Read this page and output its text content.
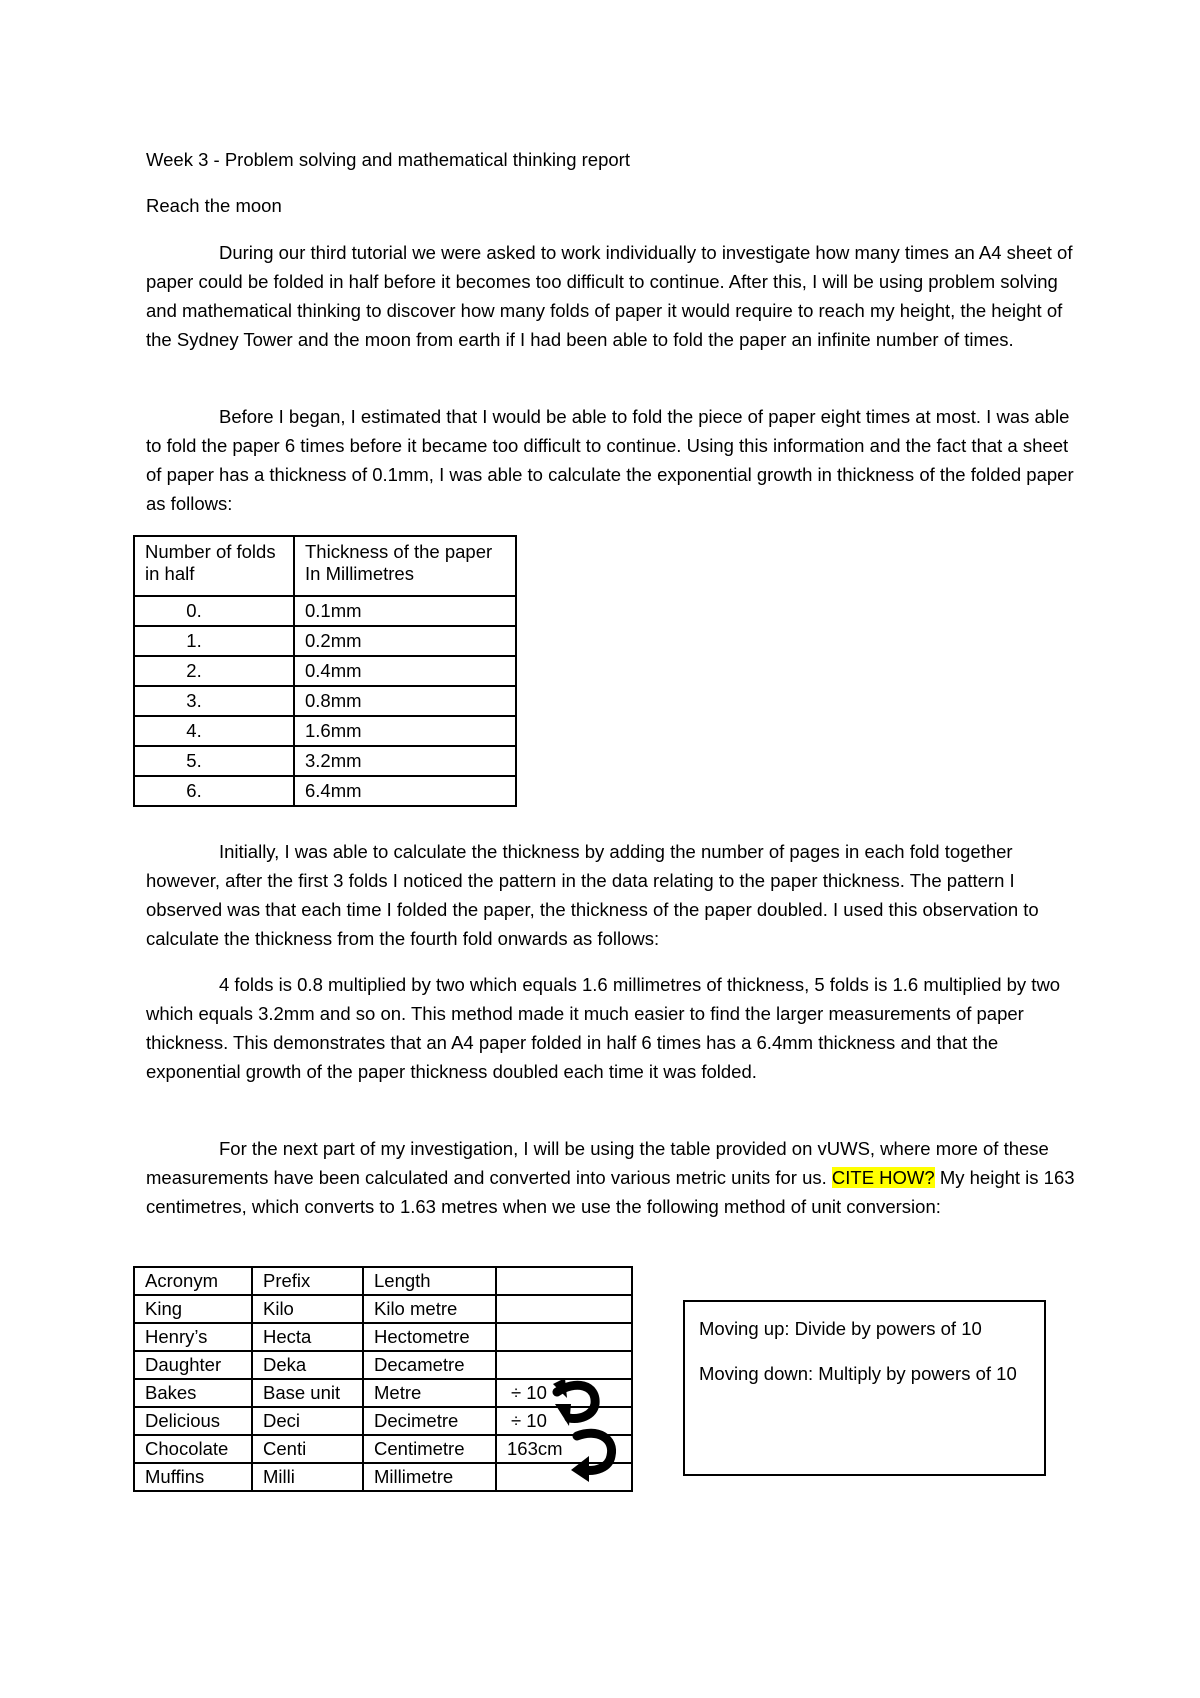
Week 3 - Problem solving and mathematical thinking report
Reach the moon
During our third tutorial we were asked to work individually to investigate how many times an A4 sheet of paper could be folded in half before it becomes too difficult to continue. After this, I will be using problem solving and mathematical thinking to discover how many folds of paper it would require to reach my height, the height of the Sydney Tower and the moon from earth if I had been able to fold the paper an infinite number of times.
Before I began, I estimated that I would be able to fold the piece of paper eight times at most. I was able to fold the paper 6 times before it became too difficult to continue. Using this information and the fact that a sheet of paper has a thickness of 0.1mm, I was able to calculate the exponential growth in thickness of the folded paper as follows:
Number of folds in half	Thickness of the paper In Millimetres
0.	0.1mm
1.	0.2mm
2.	0.4mm
3.	0.8mm
4.	1.6mm
5.	3.2mm
6.	6.4mm
Initially, I was able to calculate the thickness by adding the number of pages in each fold together however, after the first 3 folds I noticed the pattern in the data relating to the paper thickness. The pattern I observed was that each time I folded the paper, the thickness of the paper doubled. I used this observation to calculate the thickness from the fourth fold onwards as follows:
4 folds is 0.8 multiplied by two which equals 1.6 millimetres of thickness, 5 folds is 1.6 multiplied by two which equals 3.2mm and so on. This method made it much easier to find the larger measurements of paper thickness. This demonstrates that an A4 paper folded in half 6 times has a 6.4mm thickness and that the exponential growth of the paper thickness doubled each time it was folded.
For the next part of my investigation, I will be using the table provided on vUWS, where more of these measurements have been calculated and converted into various metric units for us. CITE HOW? My height is 163 centimetres, which converts to 1.63 metres when we use the following method of unit conversion:
Acronym	Prefix	Length	
King	Kilo	Kilo metre	
Henry’s	Hecta	Hectometre	
Daughter	Deka	Decametre	
Bakes	Base unit	Metre	÷ 10
Delicious	Deci	Decimetre	÷ 10
Chocolate	Centi	Centimetre	163cm
Muffins	Milli	Millimetre	

Moving up: Divide by powers of 10

Moving down: Multiply by powers of 10
